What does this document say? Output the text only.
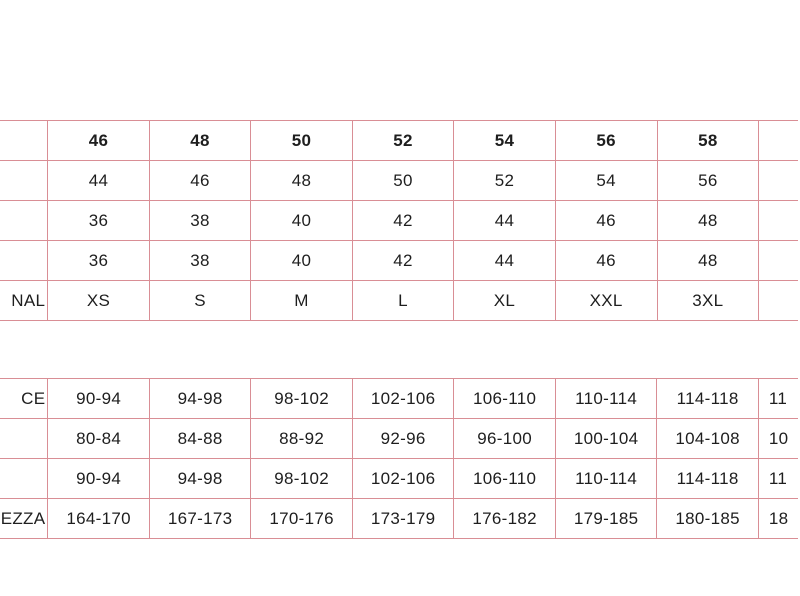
	46	48	50	52	54	56	58	
	44	46	48	50	52	54	56	
	36	38	40	42	44	46	48	
	36	38	40	42	44	46	48	
NAL	XS	S	M	L	XL	XXL	3XL	
CE	90-94	94-98	98-102	102-106	106-110	110-114	114-118	11
	80-84	84-88	88-92	92-96	96-100	100-104	104-108	10
	90-94	94-98	98-102	102-106	106-110	110-114	114-118	11
EZZA	164-170	167-173	170-176	173-179	176-182	179-185	180-185	18
